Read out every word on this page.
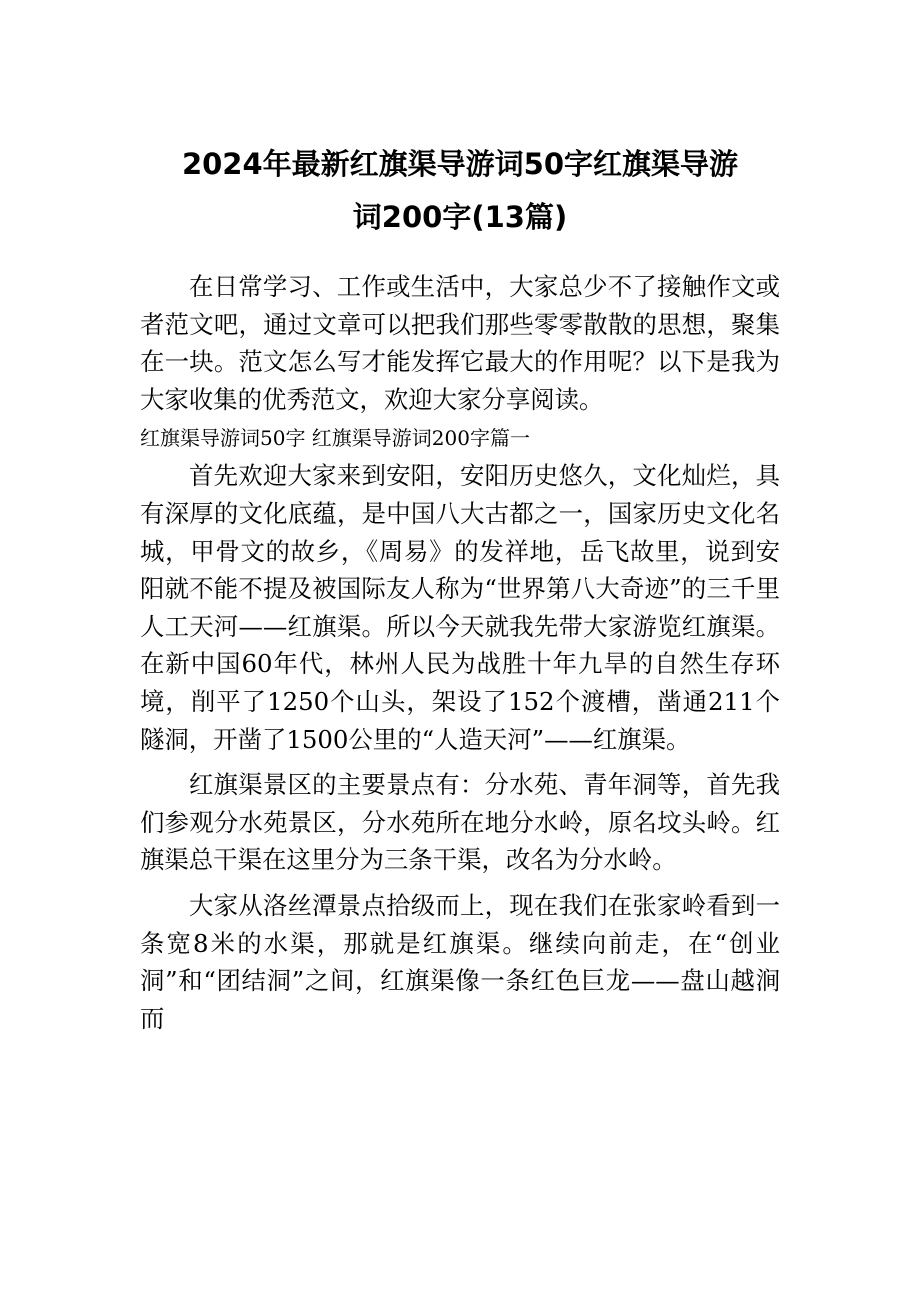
2024年最新红旗渠导游词50字红旗渠导游
词200字(13篇)

在日常学习、工作或生活中，大家总少不了接触作文或者范文吧，通过文章可以把我们那些零零散散的思想，聚集在一块。范文怎么写才能发挥它最大的作用呢？以下是我为大家收集的优秀范文，欢迎大家分享阅读。

红旗渠导游词50字 红旗渠导游词200字篇一

首先欢迎大家来到安阳，安阳历史悠久，文化灿烂，具有深厚的文化底蕴，是中国八大古都之一，国家历史文化名城，甲骨文的故乡，《周易》的发祥地，岳飞故里，说到安阳就不能不提及被国际友人称为“世界第八大奇迹”的三千里人工天河——红旗渠。所以今天就我先带大家游览红旗渠。在新中国60年代，林州人民为战胜十年九旱的自然生存环境，削平了1250个山头，架设了152个渡槽，凿通211个隧洞，开凿了1500公里的“人造天河”——红旗渠。

红旗渠景区的主要景点有：分水苑、青年洞等，首先我们参观分水苑景区，分水苑所在地分水岭，原名坟头岭。红旗渠总干渠在这里分为三条干渠，改名为分水岭。

大家从洛丝潭景点拾级而上，现在我们在张家岭看到一条宽8米的水渠，那就是红旗渠。继续向前走，在“创业洞”和“团结洞”之间，红旗渠像一条红色巨龙——盘山越涧而
